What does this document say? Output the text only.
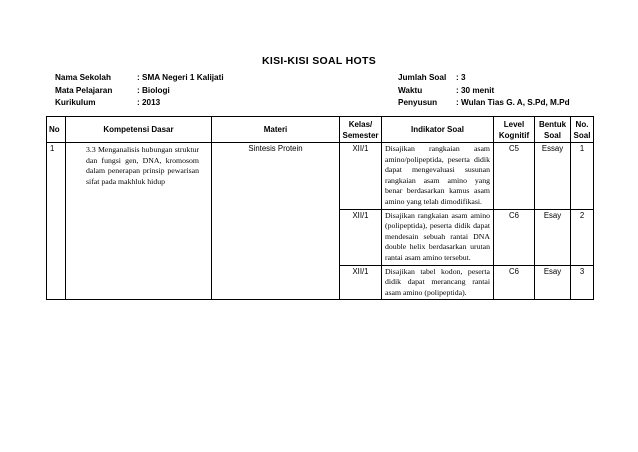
KISI-KISI SOAL HOTS
Nama Sekolah	: SMA Negeri 1 Kalijati
Mata Pelajaran	: Biologi
Kurikulum	: 2013
Jumlah Soal	: 3
Waktu	: 30 menit
Penyusun	: Wulan Tias G. A, S.Pd, M.Pd
No	Kompetensi Dasar	Materi	Kelas/ Semester	Indikator Soal	Level Kognitif	Bentuk Soal	No. Soal
1	3.3 Menganalisis hubungan struktur dan fungsi gen, DNA, kromosom dalam penerapan prinsip pewarisan sifat pada makhluk hidup	Sintesis Protein	XII/1	Disajikan rangkaian asam amino/polipeptida, peserta didik dapat mengevaluasi susunan rangkaian asam amino yang benar berdasarkan kamus asam amino yang telah dimodifikasi.	C5	Essay	1
			XII/1	Disajikan rangkaian asam amino (polipeptida), peserta didik dapat mendesain sebuah rantai DNA double helix berdasarkan urutan rantai asam amino tersebut.	C6	Esay	2
			XII/1	Disajikan tabel kodon, peserta didik dapat merancang rantai asam amino (polipeptida).	C6	Esay	3
